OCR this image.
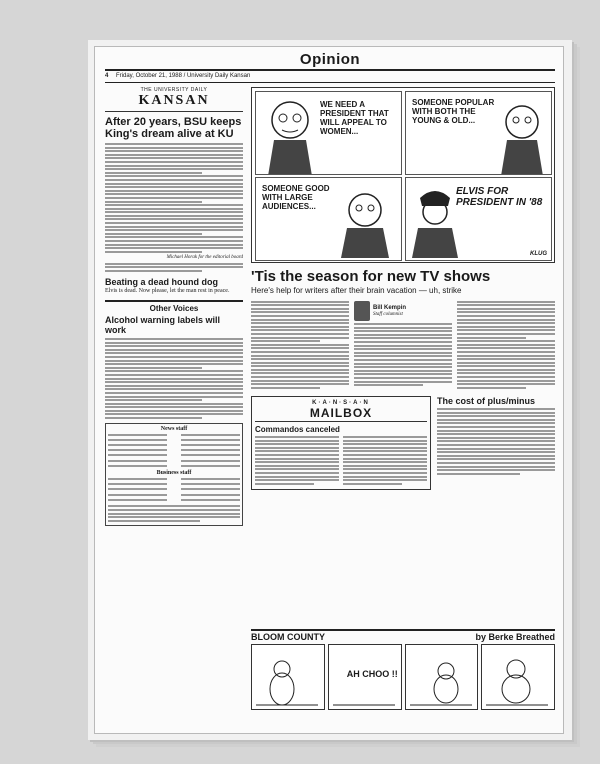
Opinion
4 Friday, October 21, 1988 / University Daily Kansan
THE UNIVERSITY DAILY
KANSAN
After 20 years, BSU keeps King's dream alive at KU
Michael Horak for the editorial board
Beating a dead hound dog
Elvis is dead. Now please, let the man rest in peace.
Other Voices
Alcohol warning labels will work
News staff
Business staff
WE NEED A PRESIDENT THAT WILL APPEAL TO WOMEN...
SOMEONE POPULAR WITH BOTH THE YOUNG & OLD...
SOMEONE GOOD WITH LARGE AUDIENCES...
ELVIS FOR PRESIDENT IN '88
KLUG
'Tis the season for new TV shows
Here's help for writers after their brain vacation — uh, strike
Bill Kempin
Staff columnist
K·A·N·S·A·N
MAILBOX
Commandos canceled
The cost of plus/minus
BLOOM COUNTY	by Berke Breathed
AH CHOO !!
